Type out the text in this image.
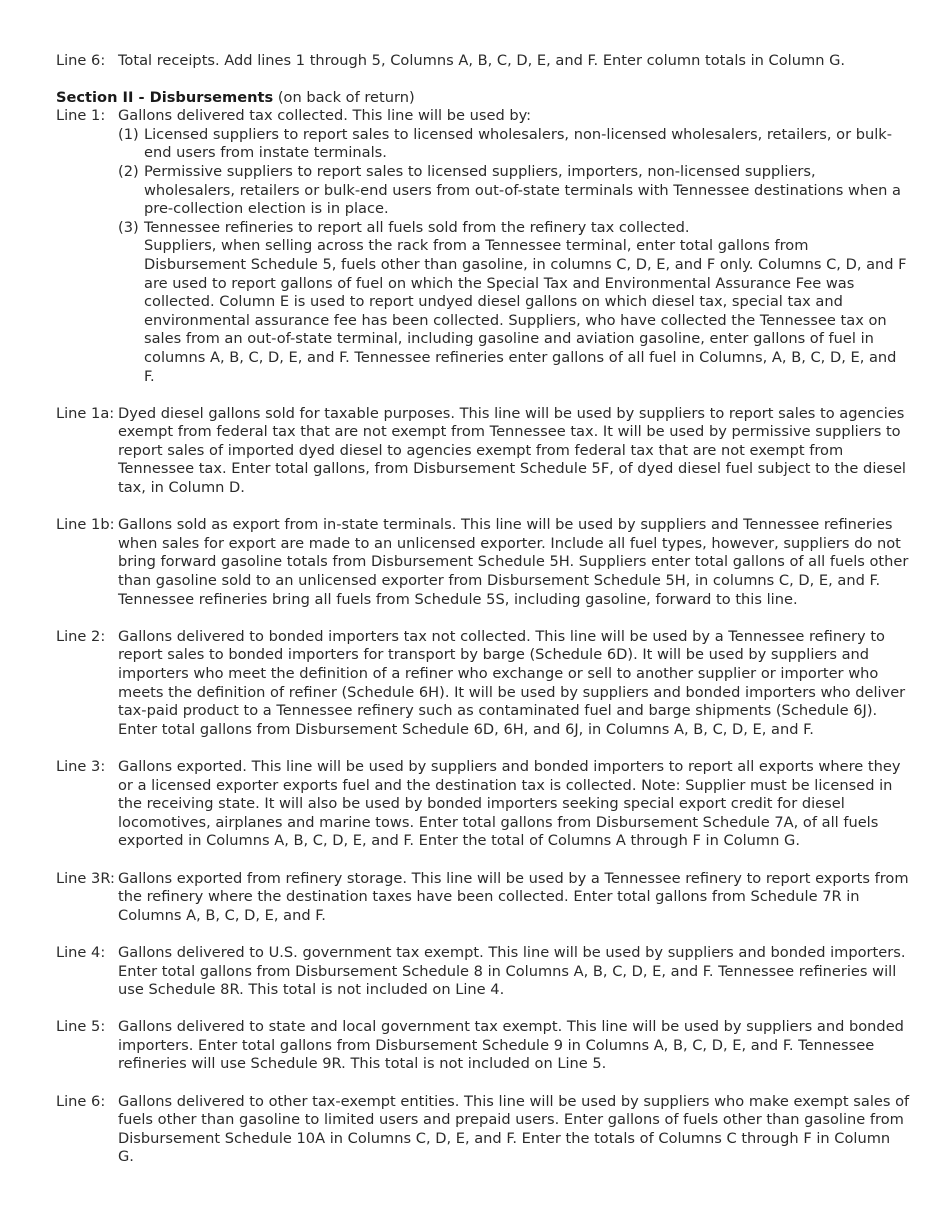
Line 6: Total receipts. Add lines 1 through 5, Columns A, B, C, D, E, and F. Enter column totals in Column G.
Section II - Disbursements (on back of return)
Line 1: Gallons delivered tax collected. This line will be used by:
(1) Licensed suppliers to report sales to licensed wholesalers, non-licensed wholesalers, retailers, or bulk-end users from instate terminals.
(2) Permissive suppliers to report sales to licensed suppliers, importers, non-licensed suppliers, wholesalers, retailers or bulk-end users from out-of-state terminals with Tennessee destinations when a pre-collection election is in place.
(3) Tennessee refineries to report all fuels sold from the refinery tax collected.
Suppliers, when selling across the rack from a Tennessee terminal, enter total gallons from Disbursement Schedule 5, fuels other than gasoline, in columns C, D, E, and F only. Columns C, D, and F are used to report gallons of fuel on which the Special Tax and Environmental Assurance Fee was collected. Column E is used to report undyed diesel gallons on which diesel tax, special tax and environmental assurance fee has been collected. Suppliers, who have collected the Tennessee tax on sales from an out-of-state terminal, including gasoline and aviation gasoline, enter gallons of fuel in columns A, B, C, D, E, and F. Tennessee refineries enter gallons of all fuel in Columns, A, B, C, D, E, and F.
Line 1a: Dyed diesel gallons sold for taxable purposes. This line will be used by suppliers to report sales to agencies exempt from federal tax that are not exempt from Tennessee tax. It will be used by permissive suppliers to report sales of imported dyed diesel to agencies exempt from federal tax that are not exempt from Tennessee tax. Enter total gallons, from Disbursement Schedule 5F, of dyed diesel fuel subject to the diesel tax, in Column D.
Line 1b: Gallons sold as export from in-state terminals. This line will be used by suppliers and Tennessee refineries when sales for export are made to an unlicensed exporter. Include all fuel types, however, suppliers do not bring forward gasoline totals from Disbursement Schedule 5H. Suppliers enter total gallons of all fuels other than gasoline sold to an unlicensed exporter from Disbursement Schedule 5H, in columns C, D, E, and F. Tennessee refineries bring all fuels from Schedule 5S, including gasoline, forward to this line.
Line 2: Gallons delivered to bonded importers tax not collected. This line will be used by a Tennessee refinery to report sales to bonded importers for transport by barge (Schedule 6D). It will be used by suppliers and importers who meet the definition of a refiner who exchange or sell to another supplier or importer who meets the definition of refiner (Schedule 6H). It will be used by suppliers and bonded importers who deliver tax-paid product to a Tennessee refinery such as contaminated fuel and barge shipments (Schedule 6J). Enter total gallons from Disbursement Schedule 6D, 6H, and 6J, in Columns A, B, C, D, E, and F.
Line 3: Gallons exported. This line will be used by suppliers and bonded importers to report all exports where they or a licensed exporter exports fuel and the destination tax is collected. Note: Supplier must be licensed in the receiving state. It will also be used by bonded importers seeking special export credit for diesel locomotives, airplanes and marine tows. Enter total gallons from Disbursement Schedule 7A, of all fuels exported in Columns A, B, C, D, E, and F. Enter the total of Columns A through F in Column G.
Line 3R: Gallons exported from refinery storage. This line will be used by a Tennessee refinery to report exports from the refinery where the destination taxes have been collected. Enter total gallons from Schedule 7R in Columns A, B, C, D, E, and F.
Line 4: Gallons delivered to U.S. government tax exempt. This line will be used by suppliers and bonded importers. Enter total gallons from Disbursement Schedule 8 in Columns A, B, C, D, E, and F. Tennessee refineries will use Schedule 8R. This total is not included on Line 4.
Line 5: Gallons delivered to state and local government tax exempt. This line will be used by suppliers and bonded importers. Enter total gallons from Disbursement Schedule 9 in Columns A, B, C, D, E, and F. Tennessee refineries will use Schedule 9R. This total is not included on Line 5.
Line 6: Gallons delivered to other tax-exempt entities. This line will be used by suppliers who make exempt sales of fuels other than gasoline to limited users and prepaid users. Enter gallons of fuels other than gasoline from Disbursement Schedule 10A in Columns C, D, E, and F. Enter the totals of Columns C through F in Column G.
